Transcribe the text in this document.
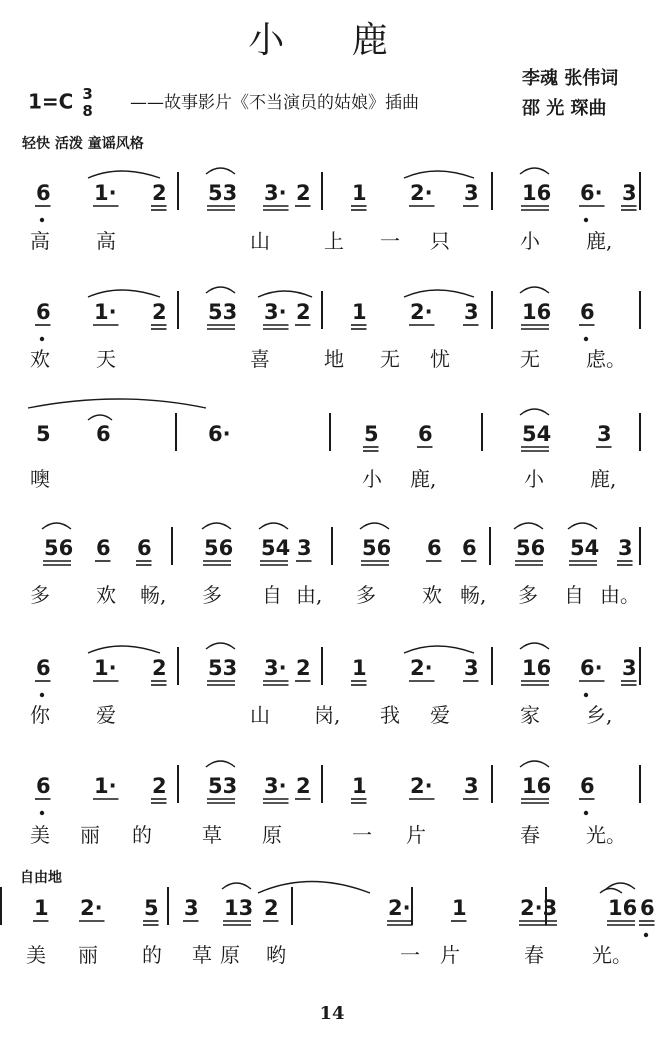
小 鹿
1=C 3
8 ——故事影片《不当演员的姑娘》插曲
李魂 张伟词
邵 光 琛曲
轻快 活泼 童谣风格
自由地
6 1· 2 53 3· 2 1 2· 3 16 6· 3
高 高	山	上 一 只	小 鹿,
6 1· 2 53 3· 2 1 2· 3 16 6
欢 天	喜	地 无 忧	无 虑。
5 6	6·	5 6	54 3
噢	小 鹿,	小 鹿,
56 6 6 56 54 3 56 6 6 56 54 3
多 欢 畅, 多 自 由, 多 欢 畅, 多 自 由。
6 1· 2 53 3· 2 1 2· 3 16 6· 3
你 爱	山 岗, 我 爱	家 乡,
6 1· 2 53 3· 2 1 2· 3 16 6
美 丽 的	草 原	一 片	春 光。
1 2· 5 3 13 2	2· 1	2·3 16 6
美 丽 的 草 原 哟	一 片	春 光。
14
